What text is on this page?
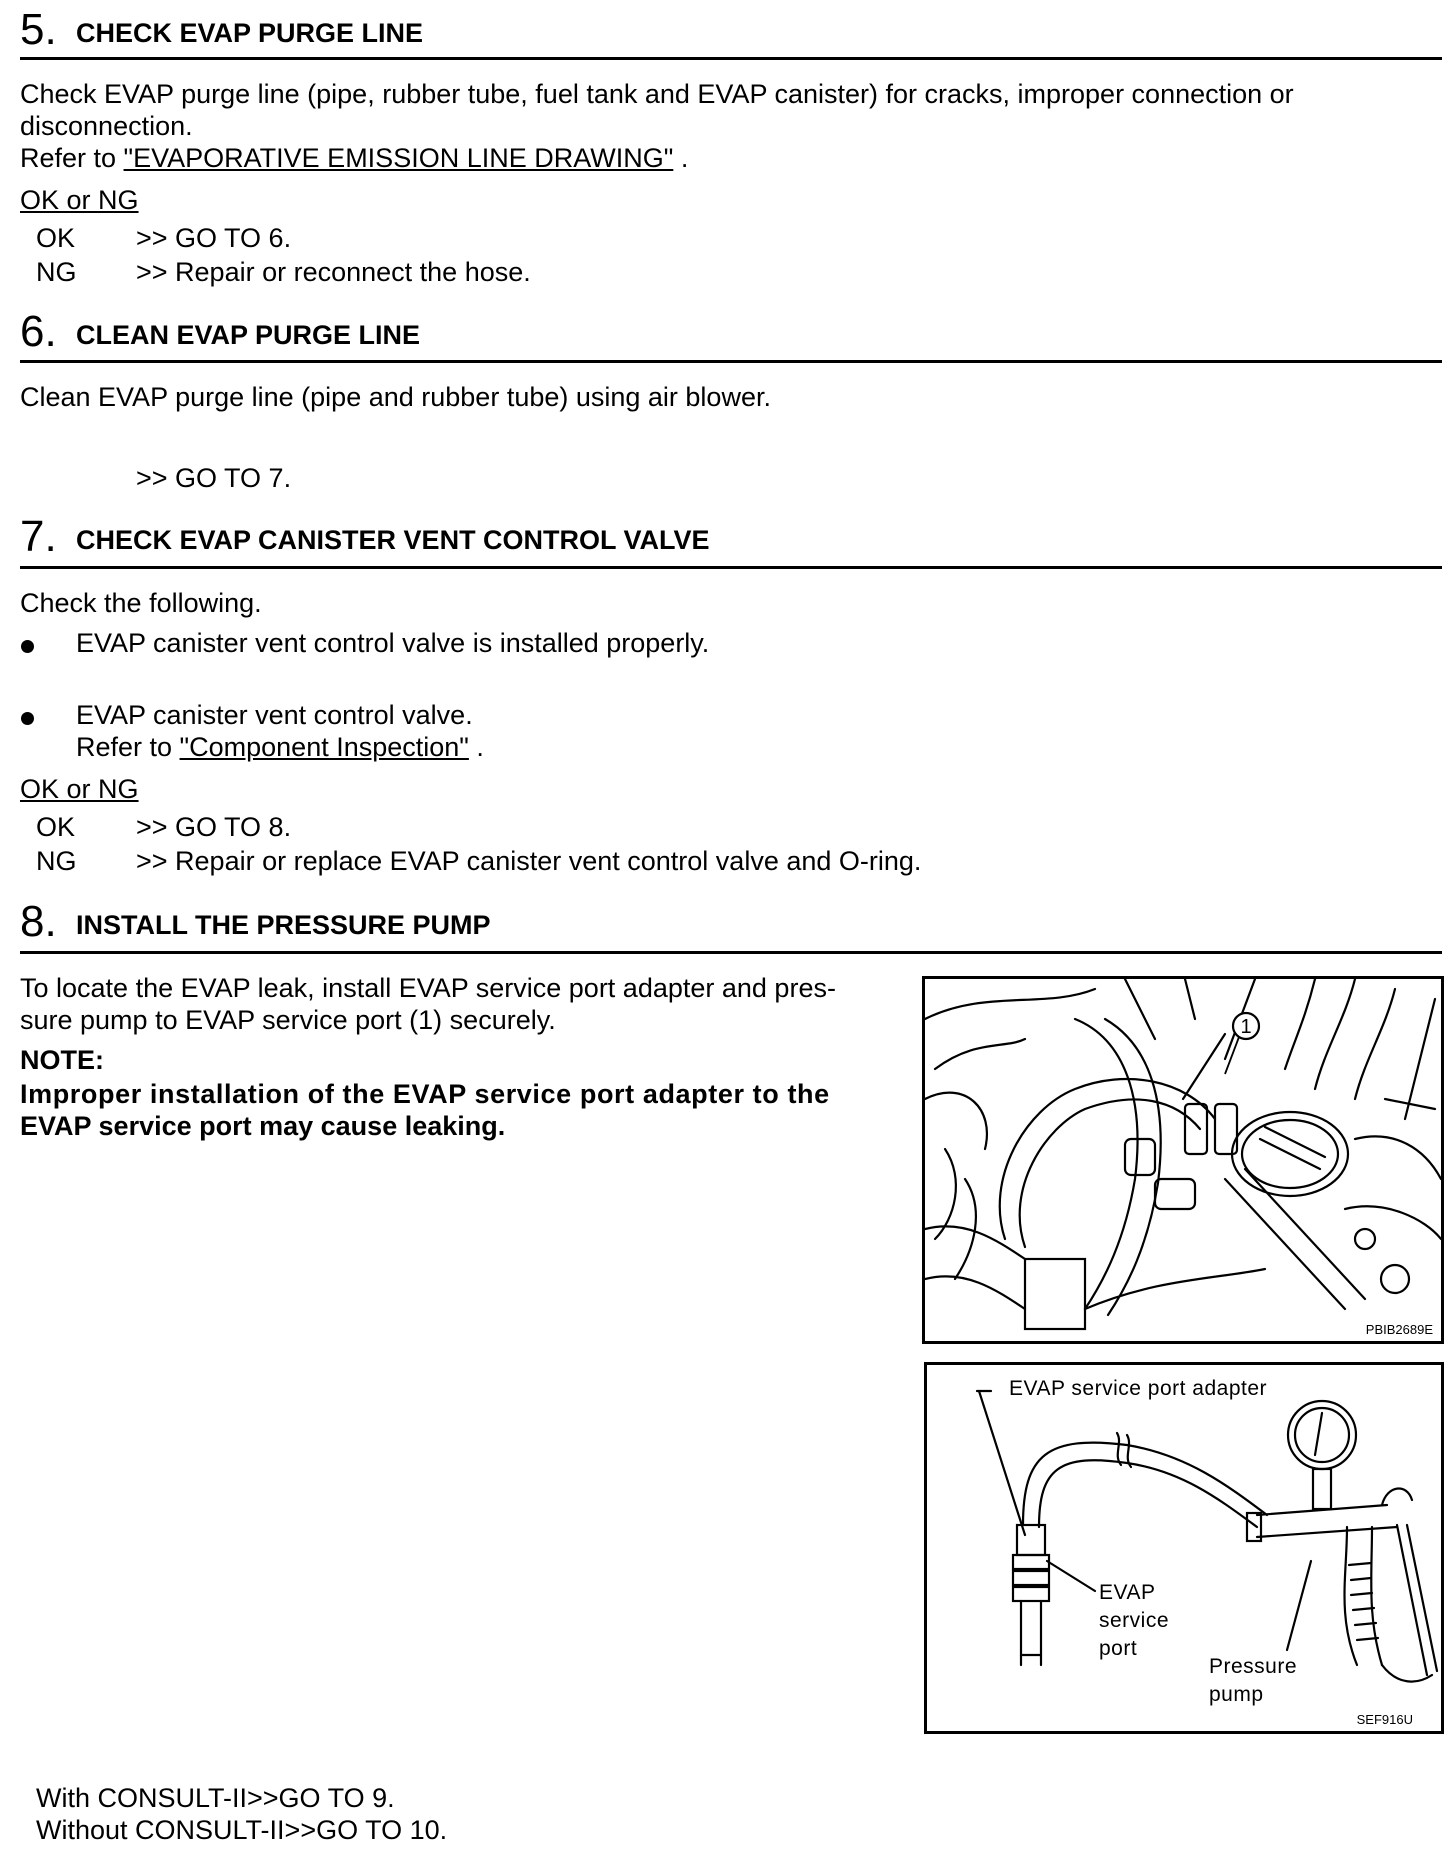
5. CHECK EVAP PURGE LINE
Check EVAP purge line (pipe, rubber tube, fuel tank and EVAP canister) for cracks, improper connection or
disconnection.
Refer to "EVAPORATIVE EMISSION LINE DRAWING" .
OK or NG
OK >> GO TO 6.
NG >> Repair or reconnect the hose.
6. CLEAN EVAP PURGE LINE
Clean EVAP purge line (pipe and rubber tube) using air blower.
>> GO TO 7.
7. CHECK EVAP CANISTER VENT CONTROL VALVE
Check the following.
EVAP canister vent control valve is installed properly.
EVAP canister vent control valve.
Refer to "Component Inspection" .
OK or NG
OK >> GO TO 8.
NG >> Repair or replace EVAP canister vent control valve and O-ring.
8. INSTALL THE PRESSURE PUMP
To locate the EVAP leak, install EVAP service port adapter and pres-
sure pump to EVAP service port (1) securely.
NOTE:
Improper installation of the EVAP service port adapter to the
EVAP service port may cause leaking.
1
PBIB2689E
EVAP service port adapter
EVAP
service
port
Pressure
pump
SEF916U
With CONSULT-II>>GO TO 9.
Without CONSULT-II>>GO TO 10.
